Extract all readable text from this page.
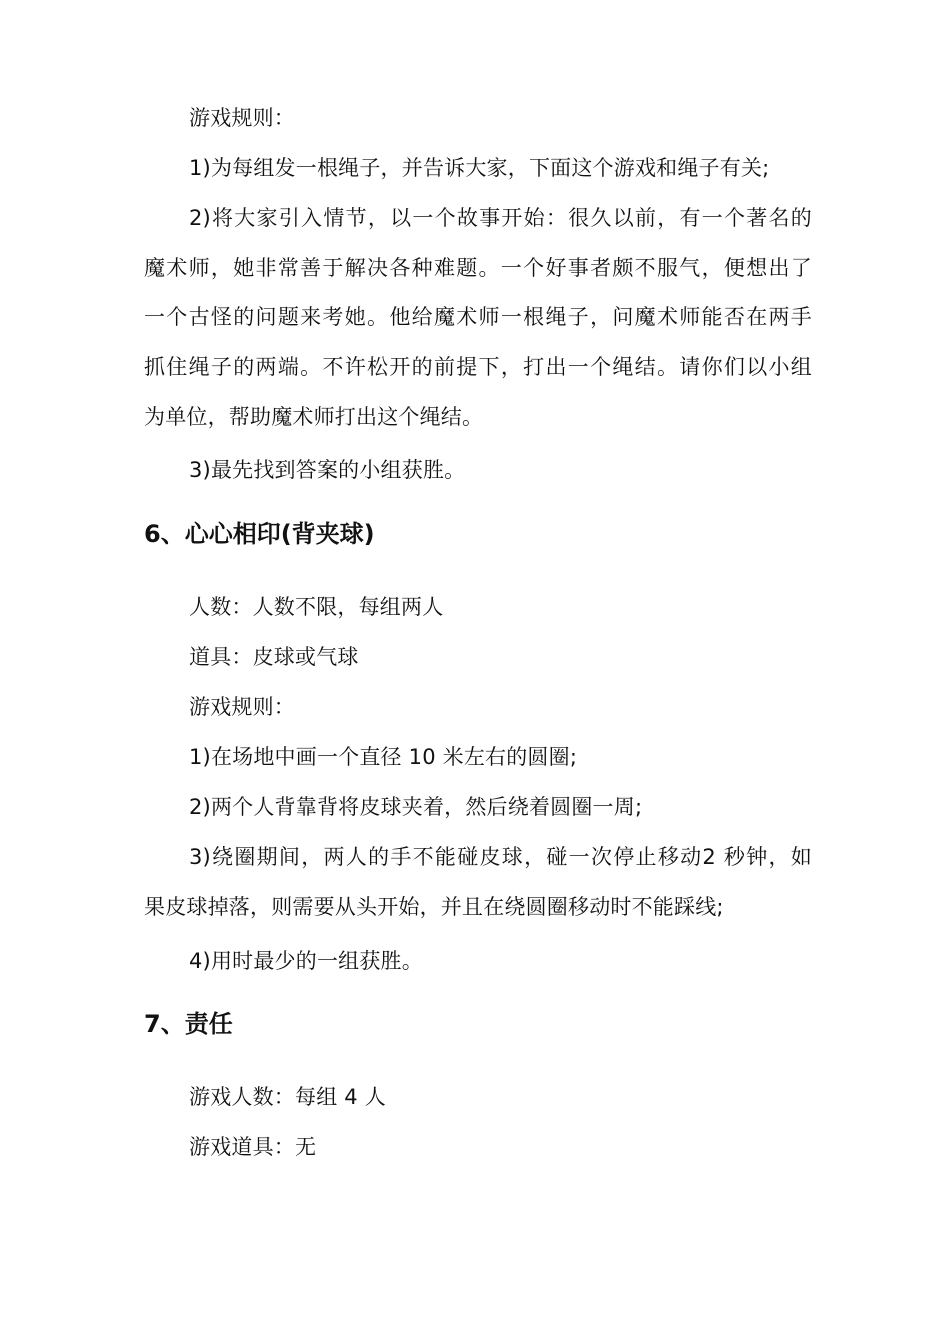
游戏规则：
1)为每组发一根绳子，并告诉大家，下面这个游戏和绳子有关;
2)将大家引入情节，以一个故事开始：很久以前，有一个著名的
魔术师，她非常善于解决各种难题。一个好事者颇不服气，便想出了
一个古怪的问题来考她。他给魔术师一根绳子，问魔术师能否在两手
抓住绳子的两端。不许松开的前提下，打出一个绳结。请你们以小组
为单位，帮助魔术师打出这个绳结。
3)最先找到答案的小组获胜。
6、心心相印(背夹球)
人数：人数不限，每组两人
道具：皮球或气球
游戏规则：
1)在场地中画一个直径 10 米左右的圆圈;
2)两个人背靠背将皮球夹着，然后绕着圆圈一周;
3)绕圈期间，两人的手不能碰皮球，碰一次停止移动2 秒钟，如
果皮球掉落，则需要从头开始，并且在绕圆圈移动时不能踩线;
4)用时最少的一组获胜。
7、责任
游戏人数：每组 4 人
游戏道具：无
